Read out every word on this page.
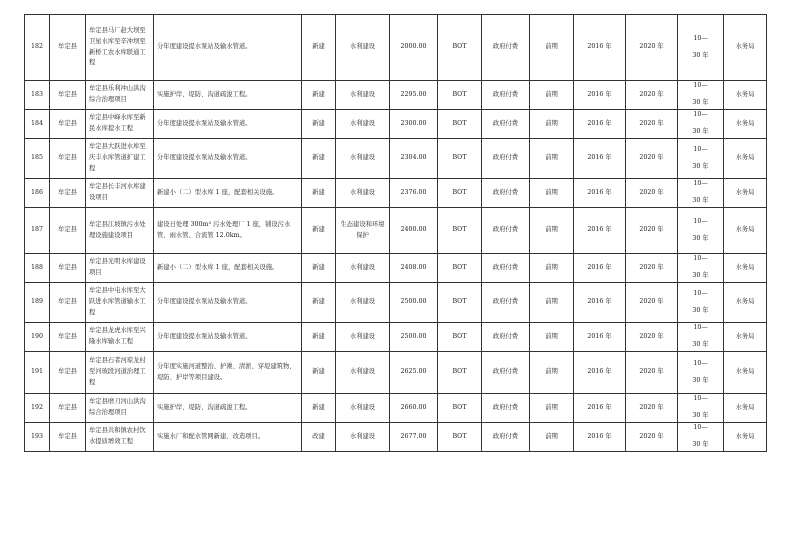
182	牟定县	牟定县马厂赵大坝至卫星水库至辛冲坝至新桥工农水库联通工程	分年度建设提水泵站及输水管道。	新建	水利建设	2000.00	BOT	政府付费	前期	2016 年	2020 年	10—
30 年	水务局
183	牟定县	牟定县乐利冲山洪沟综合治理项目	实施护岸、堤防、沟道疏浚工程。	新建	水利建设	2295.00	BOT	政府付费	前期	2016 年	2020 年	10—
30 年	水务局
184	牟定县	牟定县中峰水库至新民水库提水工程	分年度建设提水泵站及输水管道。	新建	水利建设	2300.00	BOT	政府付费	前期	2016 年	2020 年	10—
30 年	水务局
185	牟定县	牟定县大跃进水库至庆丰水库管道扩建工程	分年度建设提水泵站及输水管道。	新建	水利建设	2304.00	BOT	政府付费	前期	2016 年	2020 年	10—
30 年	水务局
186	牟定县	牟定县长丰河水库建设项目	新建小（二）型水库 1 座，配套相关设施。	新建	水利建设	2376.00	BOT	政府付费	前期	2016 年	2020 年	10—
30 年	水务局
187	牟定县	牟定县江坡镇污水处理设施建设项目	建设日处理 300m³ 污水处理厂 1 座，铺设污水管、雨水管、合流管 12.0km。	新建	生态建设和环境保护	2400.00	BOT	政府付费	前期	2016 年	2020 年	10—
30 年	水务局
188	牟定县	牟定县光明水库建设项目	新建小（二）型水库 1 座，配套相关设施。	新建	水利建设	2408.00	BOT	政府付费	前期	2016 年	2020 年	10—
30 年	水务局
189	牟定县	牟定县中屯水库至大跃进水库管道输水工程	分年度建设提水泵站及输水管道。	新建	水利建设	2500.00	BOT	政府付费	前期	2016 年	2020 年	10—
30 年	水务局
190	牟定县	牟定县龙虎水库至兴隆水库输水工程	分年度建设提水泵站及输水管道。	新建	水利建设	2500.00	BOT	政府付费	前期	2016 年	2020 年	10—
30 年	水务局
191	牟定县	牟定县石者河琼龙村至河玻段河道治理工程	分年度实施河道整治、护滩、清淤、穿堤建筑物、堤防、护岸等项目建设。	新建	水利建设	2625.00	BOT	政府付费	前期	2016 年	2020 年	10—
30 年	水务局
192	牟定县	牟定县磨刀河山洪沟综合治理项目	实施护岸、堤防、沟道疏浚工程。	新建	水利建设	2660.00	BOT	政府付费	前期	2016 年	2020 年	10—
30 年	水务局
193	牟定县	牟定县共和镇农村饮水提质增效工程	实施水厂和配水管网新建、改造项目。	改建	水利建设	2677.00	BOT	政府付费	前期	2016 年	2020 年	10—
30 年	水务局
